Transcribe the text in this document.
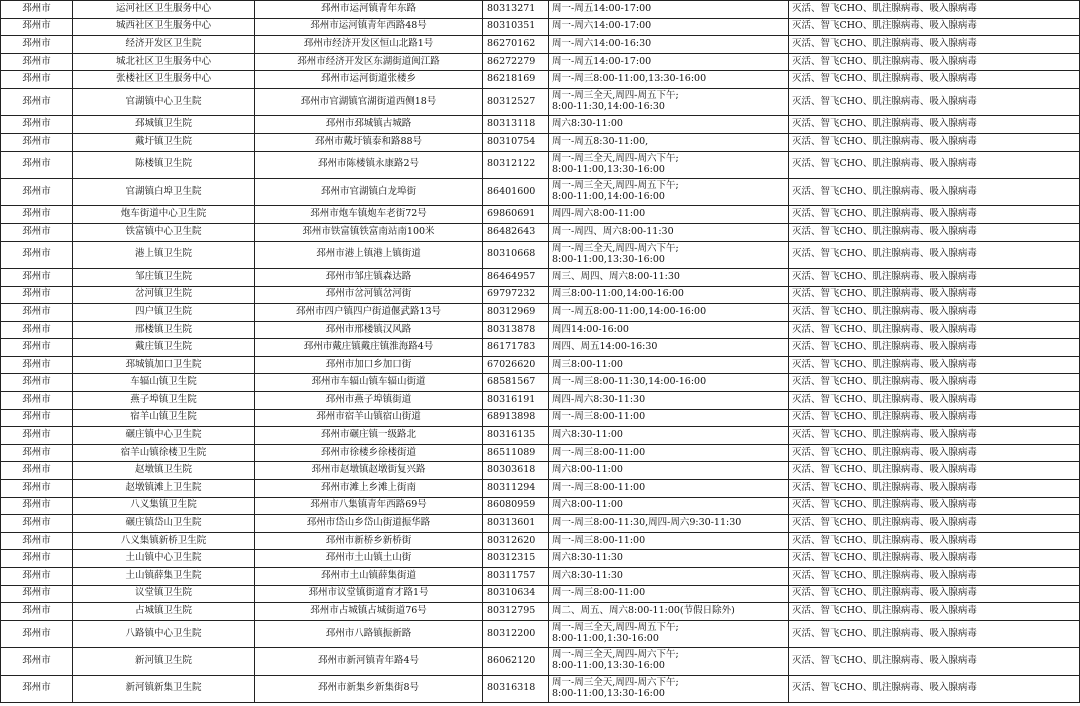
邳州市	运河社区卫生服务中心	邳州市运河镇青年东路	80313271	周一-周五14:00-17:00	灭活、智飞CHO、肌注腺病毒、吸入腺病毒
邳州市	城西社区卫生服务中心	邳州市运河镇青年西路48号	80310351	周一-周六14:00-17:00	灭活、智飞CHO、肌注腺病毒、吸入腺病毒
邳州市	经济开发区卫生院	邳州市经济开发区恒山北路1号	86270162	周一-周六14:00-16:30	灭活、智飞CHO、肌注腺病毒、吸入腺病毒
邳州市	城北社区卫生服务中心	邳州市经济开发区东湖街道闽江路	86272279	周一-周五14:00-17:00	灭活、智飞CHO、肌注腺病毒、吸入腺病毒
邳州市	张楼社区卫生服务中心	邳州市运河街道张楼乡	86218169	周一-周三8:00-11:00,13:30-16:00	灭活、智飞CHO、肌注腺病毒、吸入腺病毒
邳州市	官湖镇中心卫生院	邳州市官湖镇官湖街道西侧18号	80312527	周一-周三全天,周四-周五下午;
8:00-11:30,14:00-16:30	灭活、智飞CHO、肌注腺病毒、吸入腺病毒
邳州市	邳城镇卫生院	邳州市邳城镇古城路	80313118	周六8:30-11:00	灭活、智飞CHO、肌注腺病毒、吸入腺病毒
邳州市	戴圩镇卫生院	邳州市戴圩镇泰和路88号	80310754	周一-周五8:30-11:00,	灭活、智飞CHO、肌注腺病毒、吸入腺病毒
邳州市	陈楼镇卫生院	邳州市陈楼镇永康路2号	80312122	周一-周三全天,周四-周六下午;
8:00-11:00,13:30-16:00	灭活、智飞CHO、肌注腺病毒、吸入腺病毒
邳州市	官湖镇白埠卫生院	邳州市官湖镇白龙埠街	86401600	周一-周三全天,周四-周五下午;
8:00-11:00,14:00-16:00	灭活、智飞CHO、肌注腺病毒、吸入腺病毒
邳州市	炮车街道中心卫生院	邳州市炮车镇炮车老街72号	69860691	周四-周六8:00-11:00	灭活、智飞CHO、肌注腺病毒、吸入腺病毒
邳州市	铁富镇中心卫生院	邳州市铁富镇铁富南站南100米	86482643	周一-周四、周六8:00-11:30	灭活、智飞CHO、肌注腺病毒、吸入腺病毒
邳州市	港上镇卫生院	邳州市港上镇港上镇街道	80310668	周一-周三全天,周四-周六下午;
8:00-11:00,13:30-16:00	灭活、智飞CHO、肌注腺病毒、吸入腺病毒
邳州市	邹庄镇卫生院	邳州市邹庄镇森达路	86464957	周三、周四、周六8:00-11:30	灭活、智飞CHO、肌注腺病毒、吸入腺病毒
邳州市	岔河镇卫生院	邳州市岔河镇岔河街	69797232	周三8:00-11:00,14:00-16:00	灭活、智飞CHO、肌注腺病毒、吸入腺病毒
邳州市	四户镇卫生院	邳州市四户镇四户街道偃武路13号	80312969	周一-周五8:00-11:00,14:00-16:00	灭活、智飞CHO、肌注腺病毒、吸入腺病毒
邳州市	邢楼镇卫生院	邳州市邢楼镇汉风路	80313878	周四14:00-16:00	灭活、智飞CHO、肌注腺病毒、吸入腺病毒
邳州市	戴庄镇卫生院	邳州市戴庄镇戴庄镇淮海路4号	86171783	周四、周五14:00-16:30	灭活、智飞CHO、肌注腺病毒、吸入腺病毒
邳州市	邳城镇加口卫生院	邳州市加口乡加口街	67026620	周三8:00-11:00	灭活、智飞CHO、肌注腺病毒、吸入腺病毒
邳州市	车辐山镇卫生院	邳州市车辐山镇车辐山街道	68581567	周一-周三8:00-11:30,14:00-16:00	灭活、智飞CHO、肌注腺病毒、吸入腺病毒
邳州市	燕子埠镇卫生院	邳州市燕子埠镇街道	80316191	周四-周六8:30-11:30	灭活、智飞CHO、肌注腺病毒、吸入腺病毒
邳州市	宿羊山镇卫生院	邳州市宿羊山镇宿山街道	68913898	周一-周三8:00-11:00	灭活、智飞CHO、肌注腺病毒、吸入腺病毒
邳州市	碾庄镇中心卫生院	邳州市碾庄镇一级路北	80316135	周六8:30-11:00	灭活、智飞CHO、肌注腺病毒、吸入腺病毒
邳州市	宿羊山镇徐楼卫生院	邳州市徐楼乡徐楼街道	86511089	周一-周三8:00-11:00	灭活、智飞CHO、肌注腺病毒、吸入腺病毒
邳州市	赵墩镇卫生院	邳州市赵墩镇赵墩街复兴路	80303618	周六8:00-11:00	灭活、智飞CHO、肌注腺病毒、吸入腺病毒
邳州市	赵墩镇滩上卫生院	邳州市滩上乡滩上街南	80311294	周一-周三8:00-11:00	灭活、智飞CHO、肌注腺病毒、吸入腺病毒
邳州市	八义集镇卫生院	邳州市八集镇青年西路69号	86080959	周六8:00-11:00	灭活、智飞CHO、肌注腺病毒、吸入腺病毒
邳州市	碾庄镇岱山卫生院	邳州市岱山乡岱山街道振华路	80313601	周一-周三8:00-11:30,周四-周六9:30-11:30	灭活、智飞CHO、肌注腺病毒、吸入腺病毒
邳州市	八义集镇新桥卫生院	邳州市新桥乡新桥街	80312620	周一-周三8:00-11:00	灭活、智飞CHO、肌注腺病毒、吸入腺病毒
邳州市	土山镇中心卫生院	邳州市土山镇土山街	80312315	周六8:30-11:30	灭活、智飞CHO、肌注腺病毒、吸入腺病毒
邳州市	土山镇薛集卫生院	邳州市土山镇薛集街道	80311757	周六8:30-11:30	灭活、智飞CHO、肌注腺病毒、吸入腺病毒
邳州市	议堂镇卫生院	邳州市议堂镇街道育才路1号	80310634	周一-周三8:00-11:00	灭活、智飞CHO、肌注腺病毒、吸入腺病毒
邳州市	占城镇卫生院	邳州市占城镇占城街道76号	80312795	周二、周五、周六8:00-11:00(节假日除外)	灭活、智飞CHO、肌注腺病毒、吸入腺病毒
邳州市	八路镇中心卫生院	邳州市八路镇振新路	80312200	周一-周三全天,周四-周五下午;
8:00-11:00,1:30-16:00	灭活、智飞CHO、肌注腺病毒、吸入腺病毒
邳州市	新河镇卫生院	邳州市新河镇青年路4号	86062120	周一-周三全天,周四-周六下午;
8:00-11:00,13:30-16:00	灭活、智飞CHO、肌注腺病毒、吸入腺病毒
邳州市	新河镇新集卫生院	邳州市新集乡新集街8号	80316318	周一-周三全天,周四-周六下午;
8:00-11:00,13:30-16:00	灭活、智飞CHO、肌注腺病毒、吸入腺病毒
